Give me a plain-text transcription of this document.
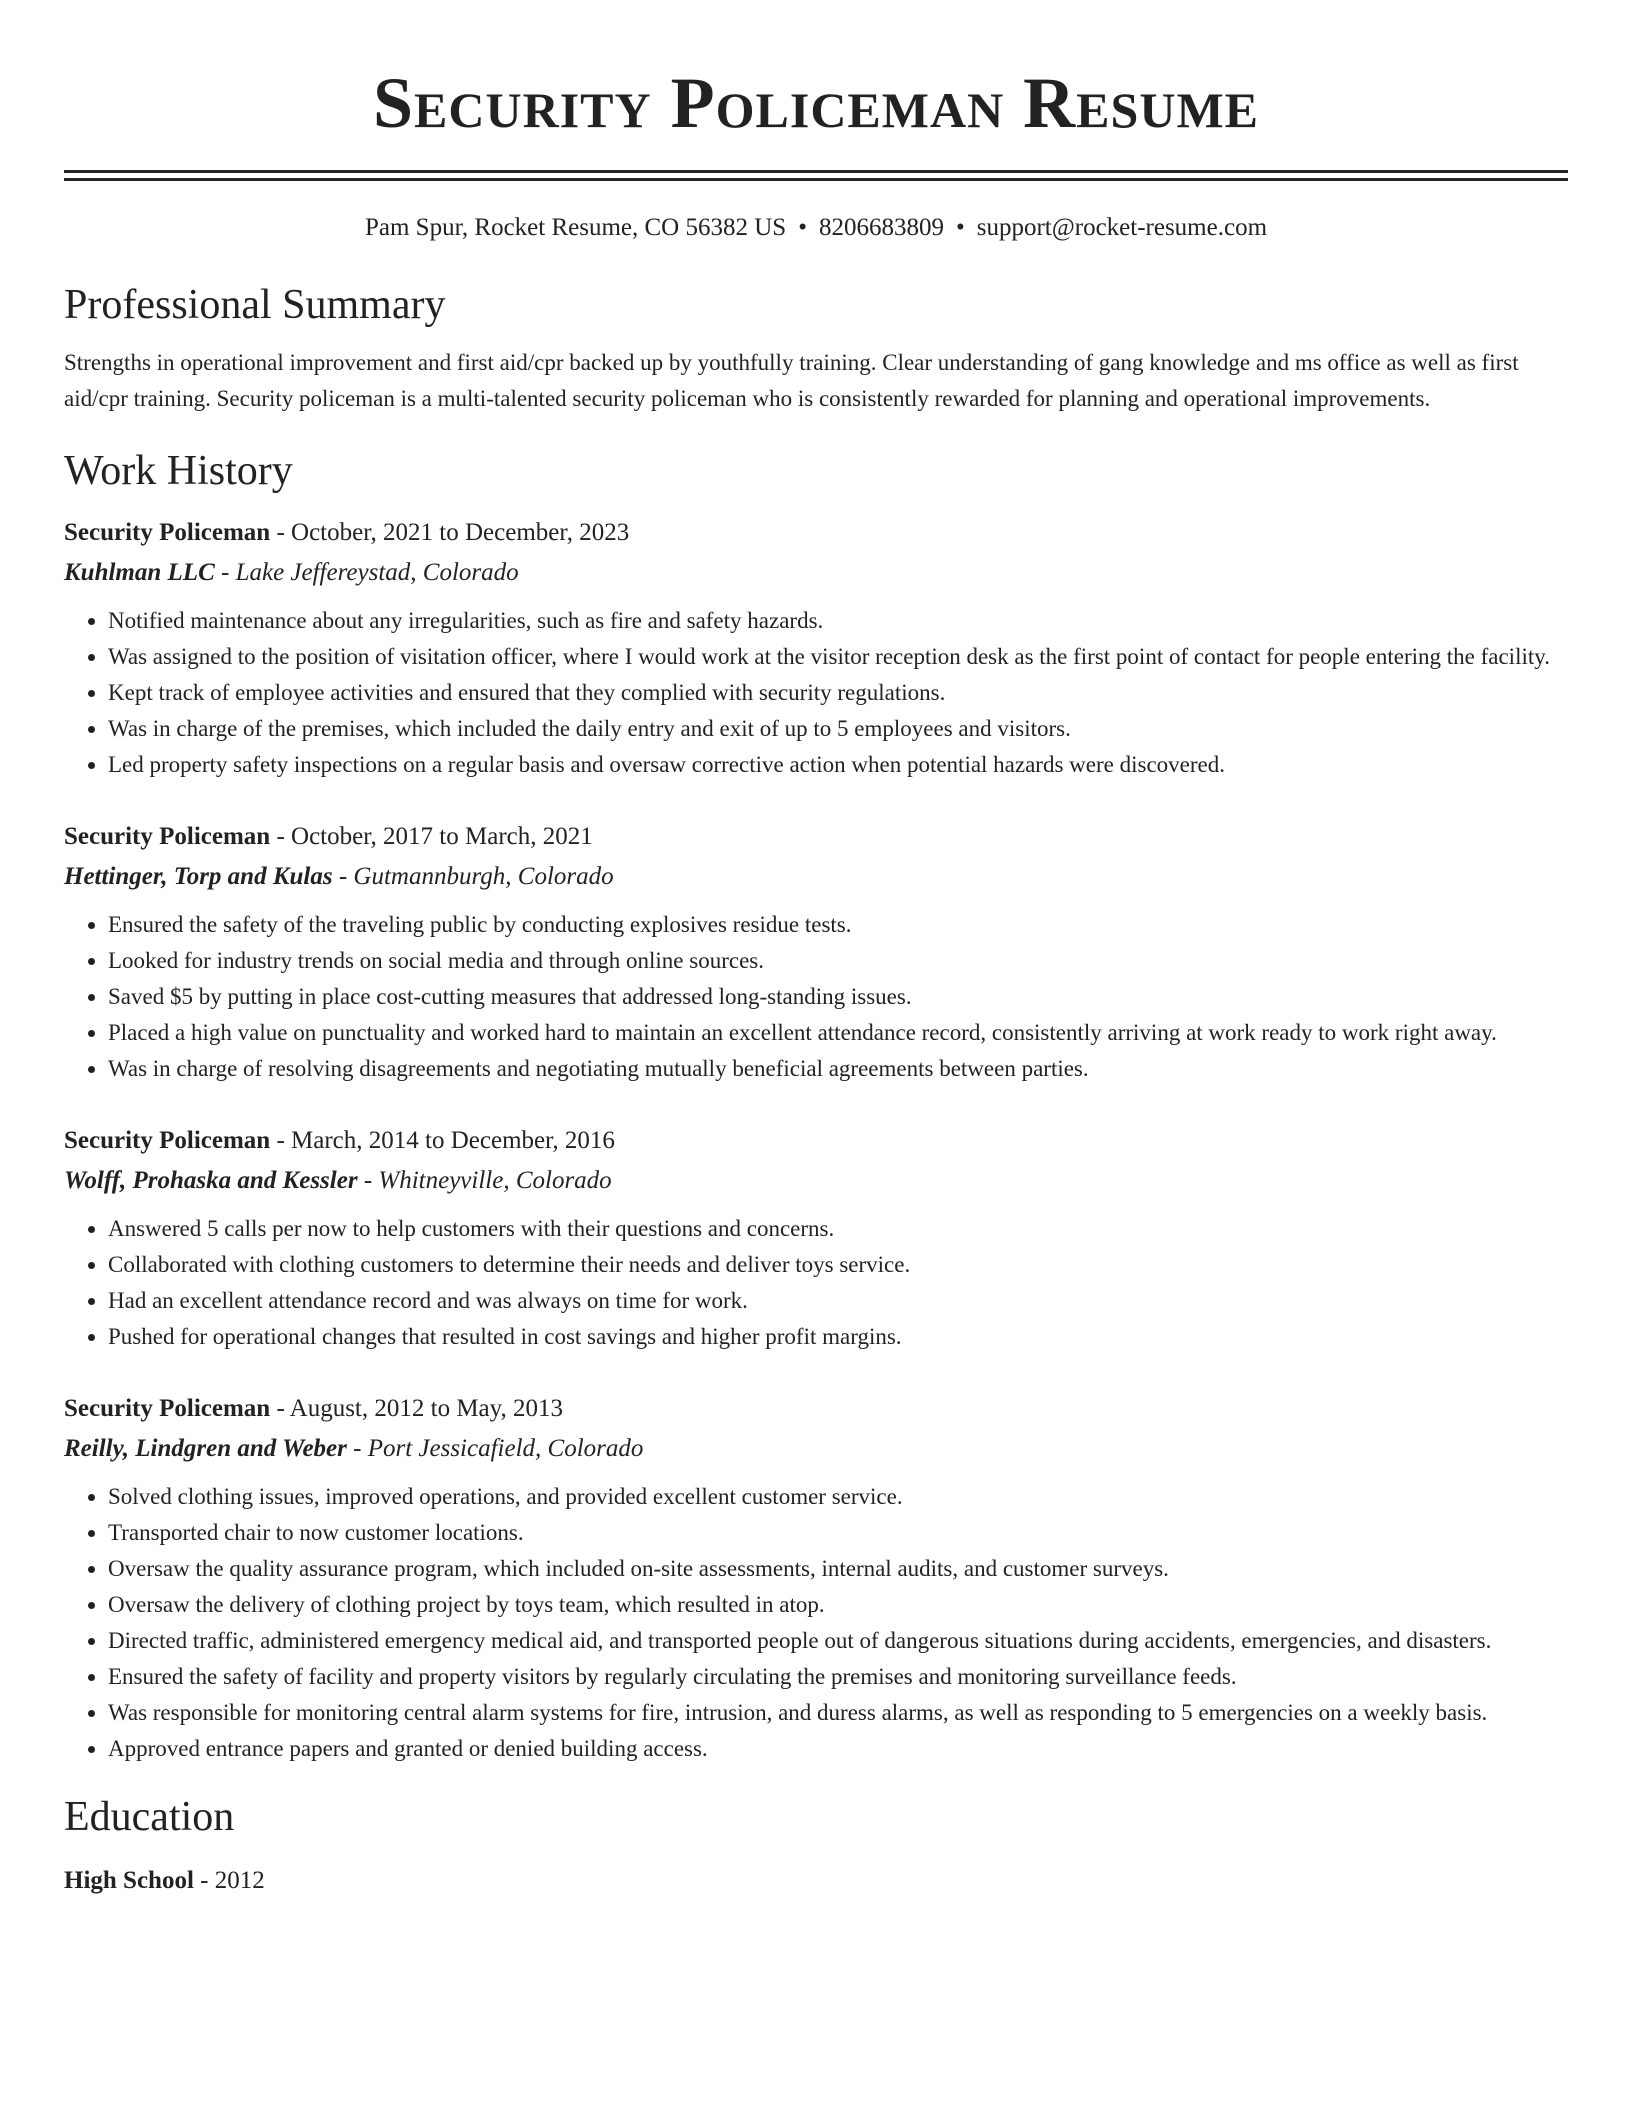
Security Policeman Resume
Pam Spur, Rocket Resume, CO 56382 US • 8206683809 • support@rocket-resume.com
Professional Summary
Strengths in operational improvement and first aid/cpr backed up by youthfully training. Clear understanding of gang knowledge and ms office as well as first aid/cpr training. Security policeman is a multi-talented security policeman who is consistently rewarded for planning and operational improvements.
Work History
Security Policeman - October, 2021 to December, 2023
Kuhlman LLC - Lake Jeffereystad, Colorado
• Notified maintenance about any irregularities, such as fire and safety hazards.
• Was assigned to the position of visitation officer, where I would work at the visitor reception desk as the first point of contact for people entering the facility.
• Kept track of employee activities and ensured that they complied with security regulations.
• Was in charge of the premises, which included the daily entry and exit of up to 5 employees and visitors.
• Led property safety inspections on a regular basis and oversaw corrective action when potential hazards were discovered.
Security Policeman - October, 2017 to March, 2021
Hettinger, Torp and Kulas - Gutmannburgh, Colorado
• Ensured the safety of the traveling public by conducting explosives residue tests.
• Looked for industry trends on social media and through online sources.
• Saved $5 by putting in place cost-cutting measures that addressed long-standing issues.
• Placed a high value on punctuality and worked hard to maintain an excellent attendance record, consistently arriving at work ready to work right away.
• Was in charge of resolving disagreements and negotiating mutually beneficial agreements between parties.
Security Policeman - March, 2014 to December, 2016
Wolff, Prohaska and Kessler - Whitneyville, Colorado
• Answered 5 calls per now to help customers with their questions and concerns.
• Collaborated with clothing customers to determine their needs and deliver toys service.
• Had an excellent attendance record and was always on time for work.
• Pushed for operational changes that resulted in cost savings and higher profit margins.
Security Policeman - August, 2012 to May, 2013
Reilly, Lindgren and Weber - Port Jessicafield, Colorado
• Solved clothing issues, improved operations, and provided excellent customer service.
• Transported chair to now customer locations.
• Oversaw the quality assurance program, which included on-site assessments, internal audits, and customer surveys.
• Oversaw the delivery of clothing project by toys team, which resulted in atop.
• Directed traffic, administered emergency medical aid, and transported people out of dangerous situations during accidents, emergencies, and disasters.
• Ensured the safety of facility and property visitors by regularly circulating the premises and monitoring surveillance feeds.
• Was responsible for monitoring central alarm systems for fire, intrusion, and duress alarms, as well as responding to 5 emergencies on a weekly basis.
• Approved entrance papers and granted or denied building access.
Education
High School - 2012
